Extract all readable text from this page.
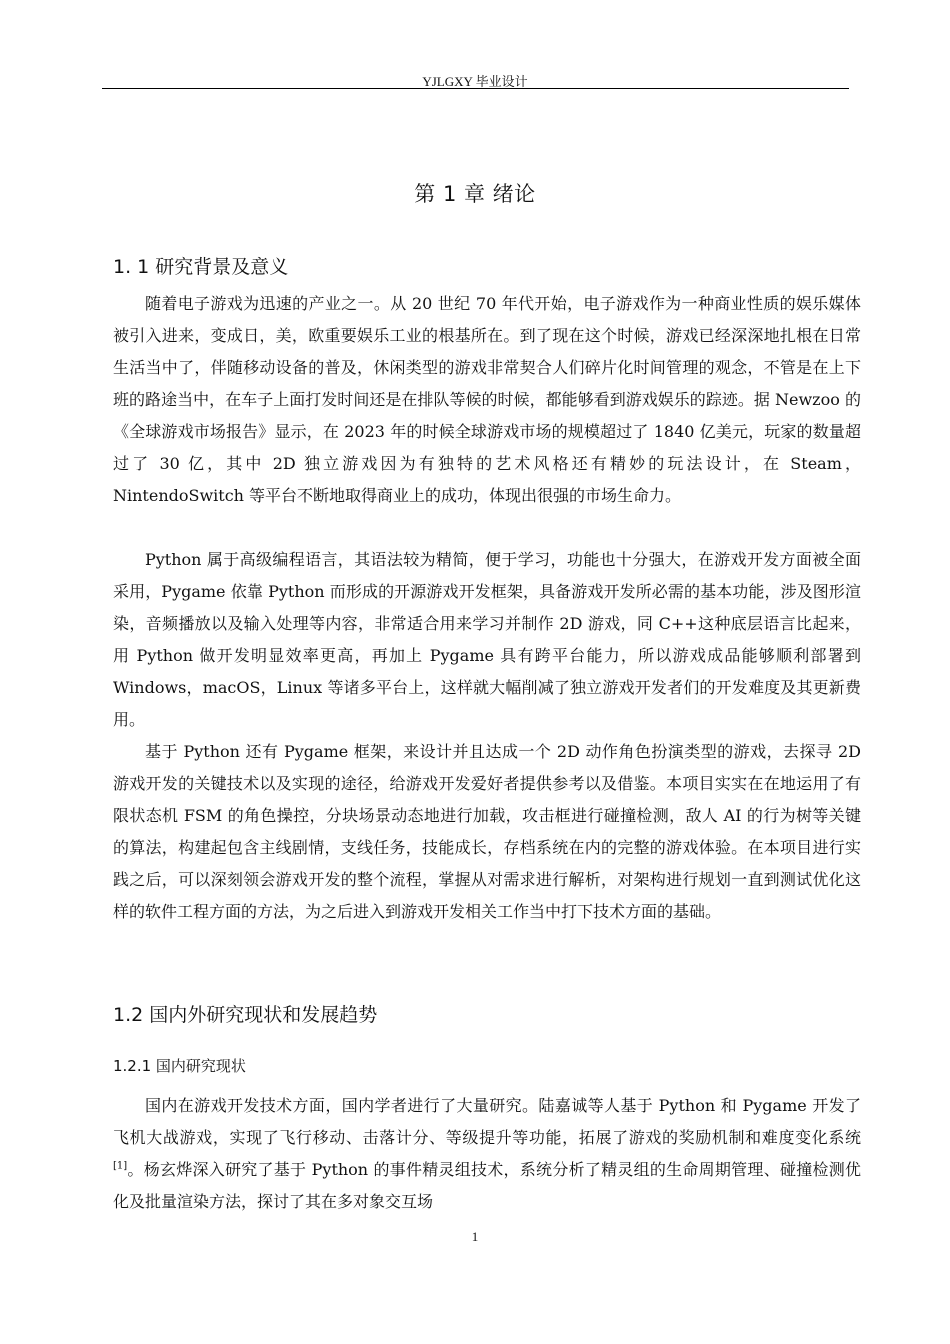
YJLGXY 毕业设计
第 1 章 绪论
1. 1 研究背景及意义

随着电子游戏为迅速的产业之一。从 20 世纪 70 年代开始，电子游戏作为一种商业性质的娱乐媒体被引入进来，变成日，美，欧重要娱乐工业的根基所在。到了现在这个时候，游戏已经深深地扎根在日常生活当中了，伴随移动设备的普及，休闲类型的游戏非常契合人们碎片化时间管理的观念，不管是在上下班的路途当中，在车子上面打发时间还是在排队等候的时候，都能够看到游戏娱乐的踪迹。据 Newzoo 的《全球游戏市场报告》显示，在 2023 年的时候全球游戏市场的规模超过了 1840 亿美元，玩家的数量超过了 30 亿，其中 2D 独立游戏因为有独特的艺术风格还有精妙的玩法设计，在 Steam，NintendoSwitch 等平台不断地取得商业上的成功，体现出很强的市场生命力。

Python 属于高级编程语言，其语法较为精简，便于学习，功能也十分强大，在游戏开发方面被全面采用，Pygame 依靠 Python 而形成的开源游戏开发框架，具备游戏开发所必需的基本功能，涉及图形渲染，音频播放以及输入处理等内容，非常适合用来学习并制作 2D 游戏，同 C++这种底层语言比起来，用 Python 做开发明显效率更高，再加上 Pygame 具有跨平台能力，所以游戏成品能够顺利部署到 Windows，macOS，Linux 等诸多平台上，这样就大幅削减了独立游戏开发者们的开发难度及其更新费用。

基于 Python 还有 Pygame 框架，来设计并且达成一个 2D 动作角色扮演类型的游戏，去探寻 2D 游戏开发的关键技术以及实现的途径，给游戏开发爱好者提供参考以及借鉴。本项目实实在在地运用了有限状态机 FSM 的角色操控，分块场景动态地进行加载，攻击框进行碰撞检测，敌人 AI 的行为树等关键的算法，构建起包含主线剧情，支线任务，技能成长，存档系统在内的完整的游戏体验。在本项目进行实践之后，可以深刻领会游戏开发的整个流程，掌握从对需求进行解析，对架构进行规划一直到测试优化这样的软件工程方面的方法，为之后进入到游戏开发相关工作当中打下技术方面的基础。

1.2 国内外研究现状和发展趋势
1.2.1 国内研究现状

国内在游戏开发技术方面，国内学者进行了大量研究。陆嘉诚等人基于 Python 和 Pygame 开发了飞机大战游戏，实现了飞行移动、击落计分、等级提升等功能，拓展了游戏的奖励机制和难度变化系统[1]。杨玄烨深入研究了基于 Python 的事件精灵组技术，系统分析了精灵组的生命周期管理、碰撞检测优化及批量渲染方法，探讨了其在多对象交互场

1
